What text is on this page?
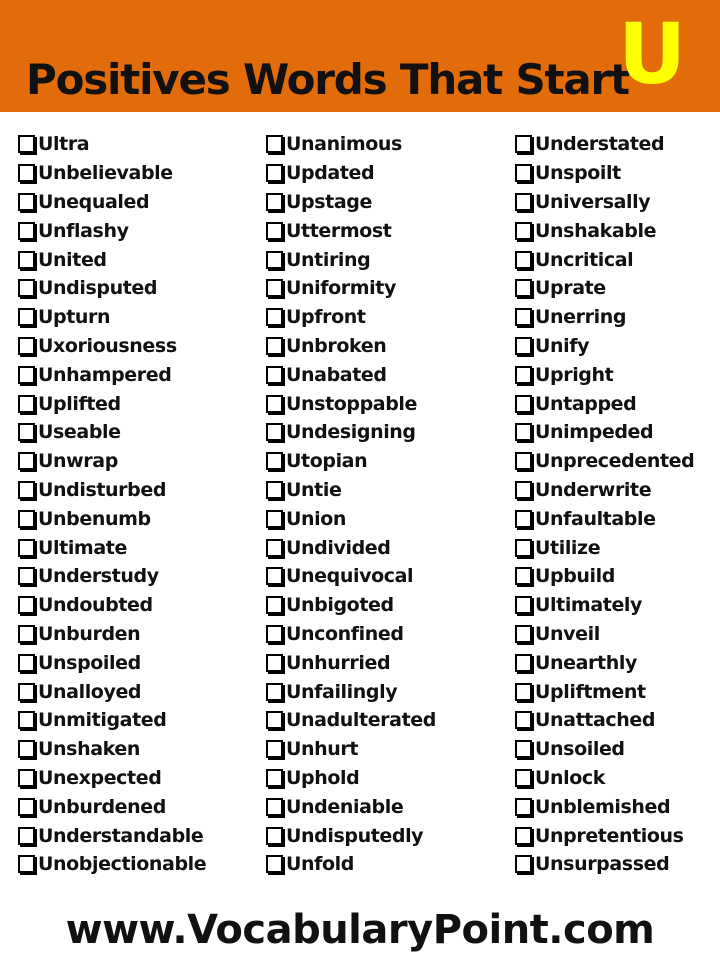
Positives Words That Start
U
Ultra
Unbelievable
Unequaled
Unflashy
United
Undisputed
Upturn
Uxoriousness
Unhampered
Uplifted
Useable
Unwrap
Undisturbed
Unbenumb
Ultimate
Understudy
Undoubted
Unburden
Unspoiled
Unalloyed
Unmitigated
Unshaken
Unexpected
Unburdened
Understandable
Unobjectionable
Unanimous
Updated
Upstage
Uttermost
Untiring
Uniformity
Upfront
Unbroken
Unabated
Unstoppable
Undesigning
Utopian
Untie
Union
Undivided
Unequivocal
Unbigoted
Unconfined
Unhurried
Unfailingly
Unadulterated
Unhurt
Uphold
Undeniable
Undisputedly
Unfold
Understated
Unspoilt
Universally
Unshakable
Uncritical
Uprate
Unerring
Unify
Upright
Untapped
Unimpeded
Unprecedented
Underwrite
Unfaultable
Utilize
Upbuild
Ultimately
Unveil
Unearthly
Upliftment
Unattached
Unsoiled
Unlock
Unblemished
Unpretentious
Unsurpassed
www.VocabularyPoint.com
